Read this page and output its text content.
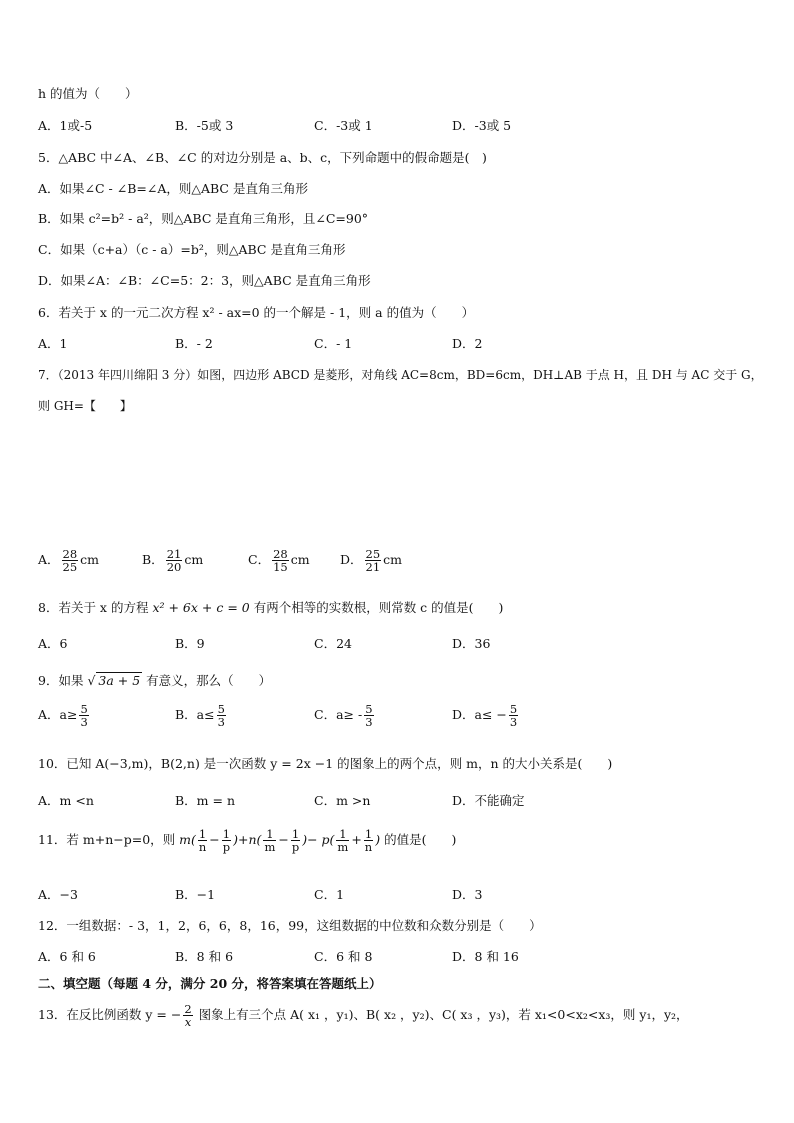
h 的值为（　　）
A．1或-5	B．-5或 3	C．-3或 1	D．-3或 5
5．△ABC 中∠A、∠B、∠C 的对边分别是 a、b、c，下列命题中的假命题是(　)
A．如果∠C - ∠B=∠A，则△ABC 是直角三角形
B．如果 c²=b² - a²，则△ABC 是直角三角形，且∠C=90°
C．如果（c+a）（c - a）=b²，则△ABC 是直角三角形
D．如果∠A：∠B：∠C=5：2：3，则△ABC 是直角三角形
6．若关于 x 的一元二次方程 x² - ax=0 的一个解是 - 1，则 a 的值为（　　）
A．1	B．- 2	C．- 1	D．2
7．（2013 年四川绵阳 3 分）如图，四边形 ABCD 是菱形，对角线 AC=8cm，BD=6cm，DH⊥AB 于点 H，且 DH 与 AC 交于 G，
则 GH=【　　】
A． $\frac{28}{25}$ cm	B． $\frac{21}{20}$ cm	C． $\frac{28}{15}$ cm D． $\frac{25}{21}$ cm
8．若关于 x 的方程 x² + 6x + c = 0 有两个相等的实数根，则常数 c 的值是(　　)
A．6	B．9	C．24	D．36
9．如果 √ 3a + 5 有意义，那么（　　）
A．$a\ge \frac{5}{3}$	B．$a\le \frac{5}{3}$	C．$a\ge - \frac{5}{3}$	D．$a\le - \frac{5}{3}$
10．已知 A(−3,m)，B(2,n) 是一次函数 y = 2x −1 的图象上的两个点，则 m，n 的大小关系是(　　)
A．m <n	B．m = n	C．m >n	D．不能确定
11．若 m+n−p=0，则 $m( \frac{1}{n} - \frac{1}{p} )+n( \frac{1}{m} - \frac{1}{p}$ )− $p( \frac{1}{m} + \frac{1}{n}$ ) 的值是(　　)
A．−3	B．−1	C．1	D．3
12．一组数据：- 3，1，2，6，6，8，16，99，这组数据的中位数和众数分别是（　　）
A．6 和 6	B．8 和 6	C．6 和 8	D．8 和 16
二、填空题（每题 4 分，满分 20 分，将答案填在答题纸上）
13．在反比例函数 y = − $\frac{2}{x}$ 图象上有三个点 A( x₁ ，y₁)、B( x₂ ，y₂)、C( x₃ ，y₃)，若 x₁<0<x₂<x₃，则 y₁，y₂，
